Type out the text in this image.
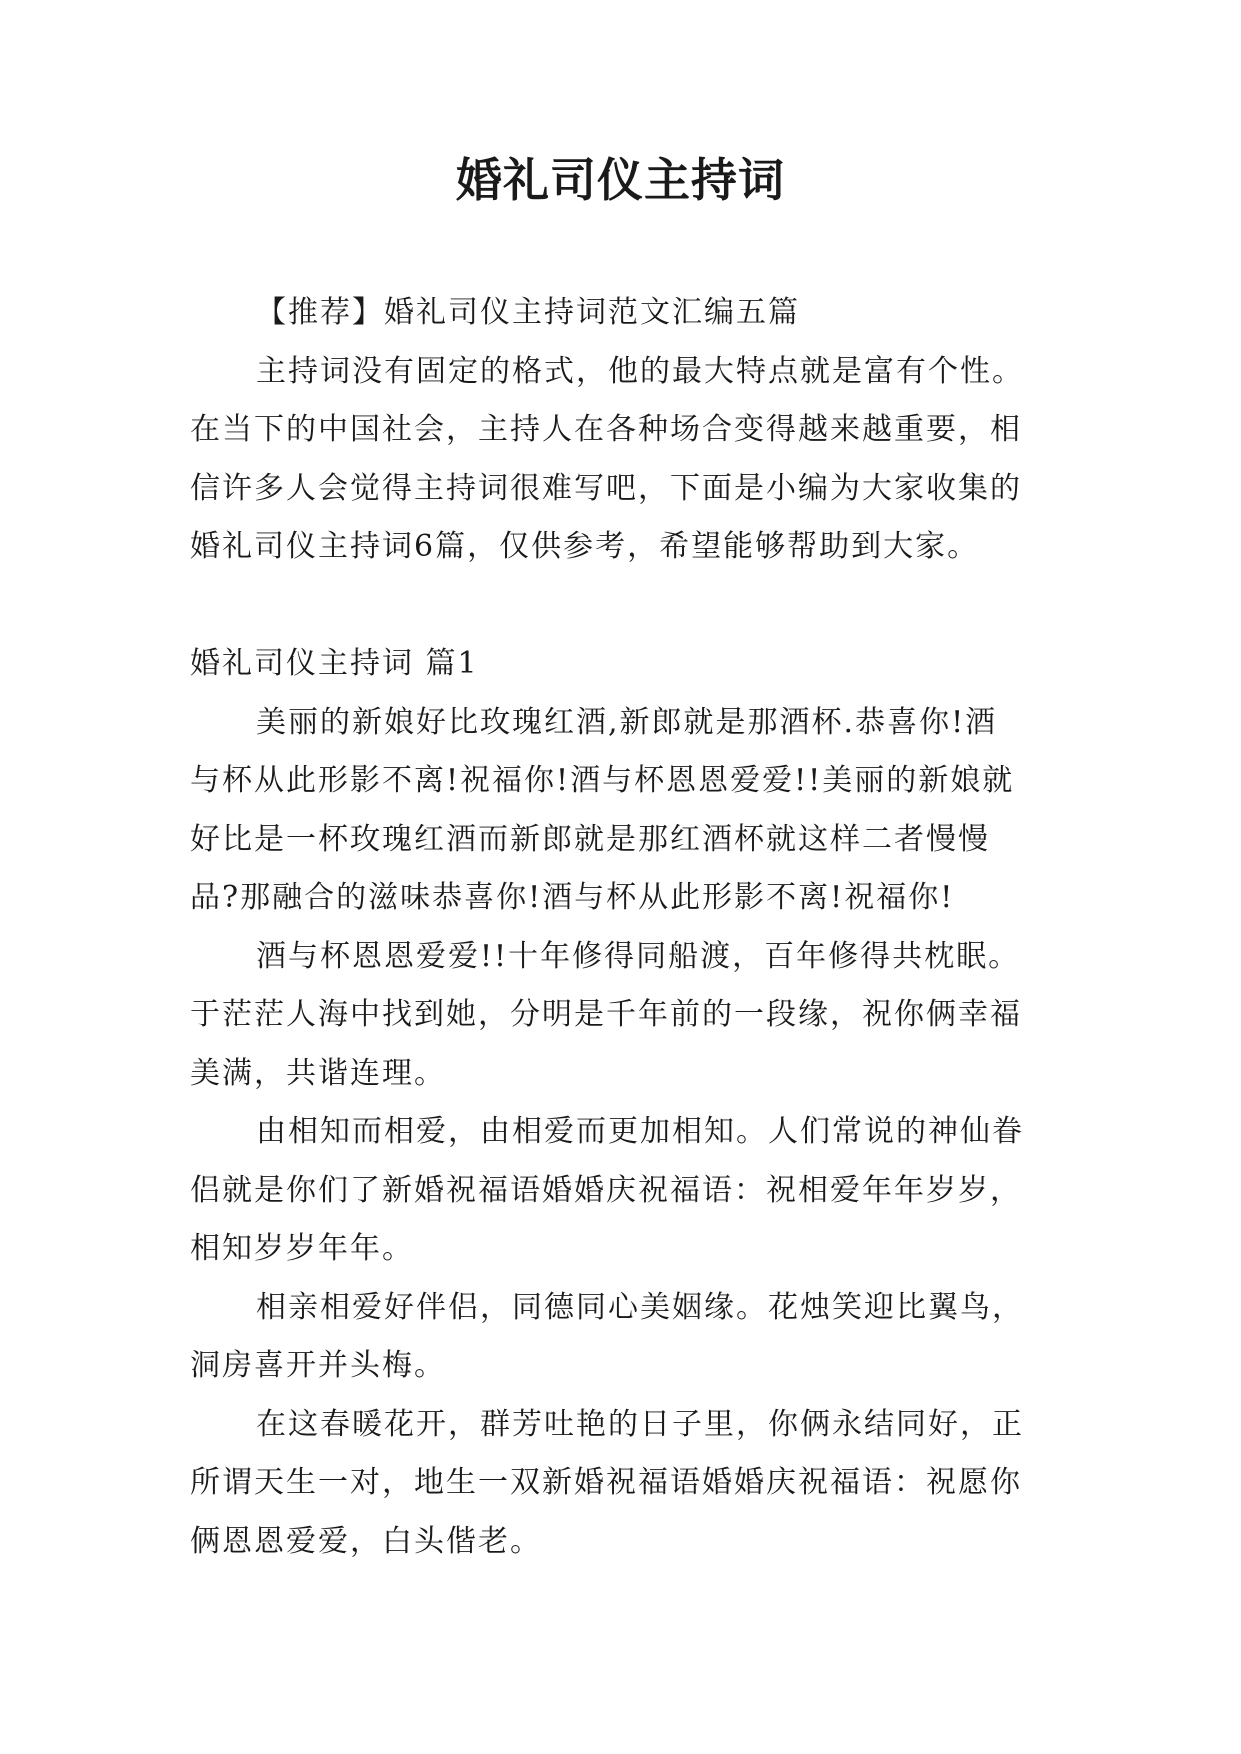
婚礼司仪主持词
【推荐】婚礼司仪主持词范文汇编五篇
主持词没有固定的格式，他的最大特点就是富有个性。
在当下的中国社会，主持人在各种场合变得越来越重要，相
信许多人会觉得主持词很难写吧，下面是小编为大家收集的
婚礼司仪主持词6篇，仅供参考，希望能够帮助到大家。
婚礼司仪主持词 篇1
美丽的新娘好比玫瑰红酒,新郎就是那酒杯.恭喜你!酒
与杯从此形影不离!祝福你!酒与杯恩恩爱爱!!美丽的新娘就
好比是一杯玫瑰红酒而新郎就是那红酒杯就这样二者慢慢
品?那融合的滋味恭喜你!酒与杯从此形影不离!祝福你!
酒与杯恩恩爱爱!!十年修得同船渡，百年修得共枕眠。
于茫茫人海中找到她，分明是千年前的一段缘，祝你俩幸福
美满，共谐连理。
由相知而相爱，由相爱而更加相知。人们常说的神仙眷
侣就是你们了新婚祝福语婚婚庆祝福语：祝相爱年年岁岁，
相知岁岁年年。
相亲相爱好伴侣，同德同心美姻缘。花烛笑迎比翼鸟，
洞房喜开并头梅。
在这春暖花开，群芳吐艳的日子里，你俩永结同好，正
所谓天生一对，地生一双新婚祝福语婚婚庆祝福语：祝愿你
俩恩恩爱爱，白头偕老。
